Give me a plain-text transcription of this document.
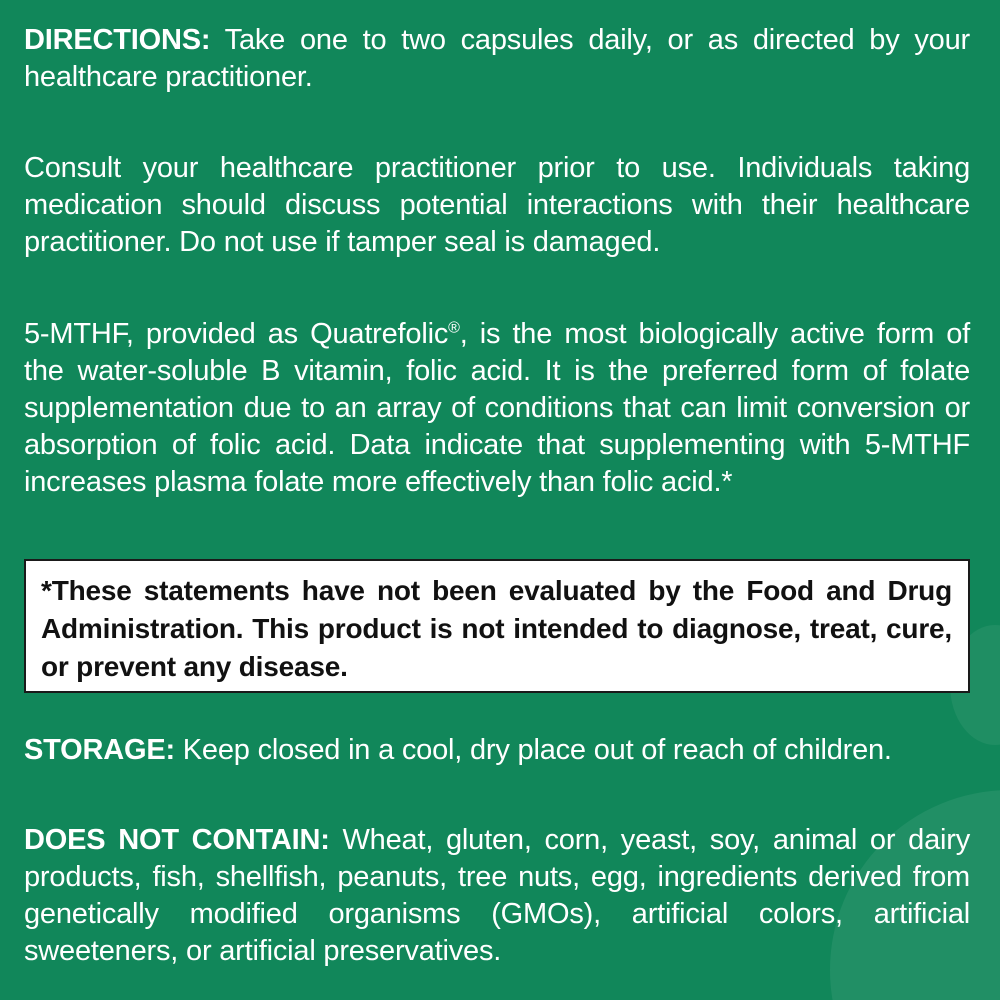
DIRECTIONS: Take one to two capsules daily, or as directed by your healthcare practitioner.

Consult your healthcare practitioner prior to use. Individuals taking medication should discuss potential interactions with their healthcare practitioner. Do not use if tamper seal is damaged.

5-MTHF, provided as Quatrefolic®, is the most biologically active form of the water-soluble B vitamin, folic acid. It is the preferred form of folate supplementation due to an array of conditions that can limit conversion or absorption of folic acid. Data indicate that supplementing with 5-MTHF increases plasma folate more effectively than folic acid.*

*These statements have not been evaluated by the Food and Drug Administration. This product is not intended to diagnose, treat, cure, or prevent any disease.

STORAGE: Keep closed in a cool, dry place out of reach of children.

DOES NOT CONTAIN: Wheat, gluten, corn, yeast, soy, animal or dairy products, fish, shellfish, peanuts, tree nuts, egg, ingredients derived from genetically modified organisms (GMOs), artificial colors, artificial sweeteners, or artificial preservatives.
